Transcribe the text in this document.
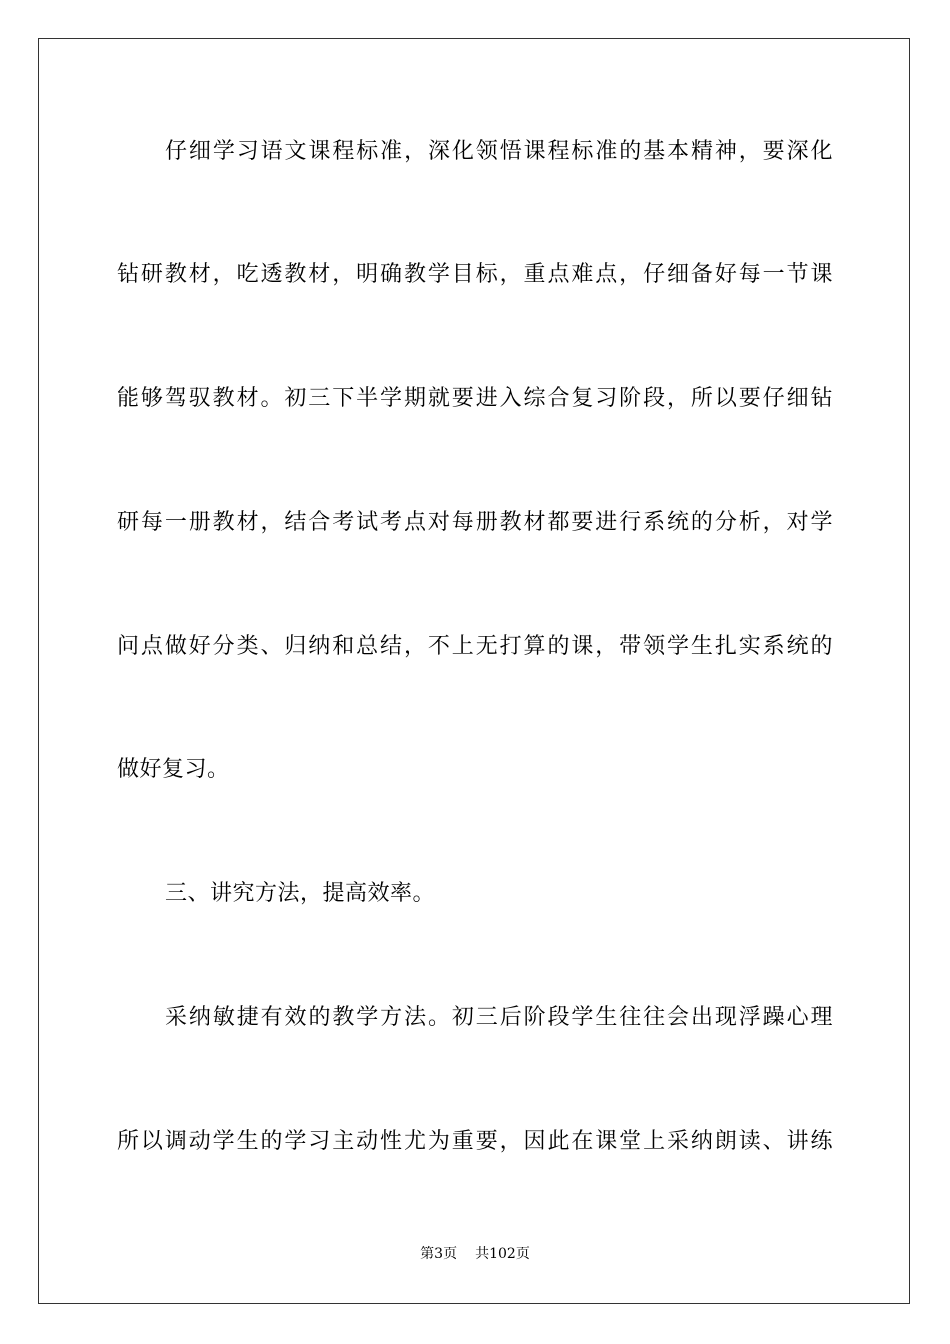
仔细学习语文课程标准，深化领悟课程标准的基本精神，要深化
钻研教材，吃透教材，明确教学目标，重点难点，仔细备好每一节课
能够驾驭教材。初三下半学期就要进入综合复习阶段，所以要仔细钻
研每一册教材，结合考试考点对每册教材都要进行系统的分析，对学
问点做好分类、归纳和总结，不上无打算的课，带领学生扎实系统的
做好复习。
三、讲究方法，提高效率。
采纳敏捷有效的教学方法。初三后阶段学生往往会出现浮躁心理
所以调动学生的学习主动性尤为重要，因此在课堂上采纳朗读、讲练
第3页 共102页
